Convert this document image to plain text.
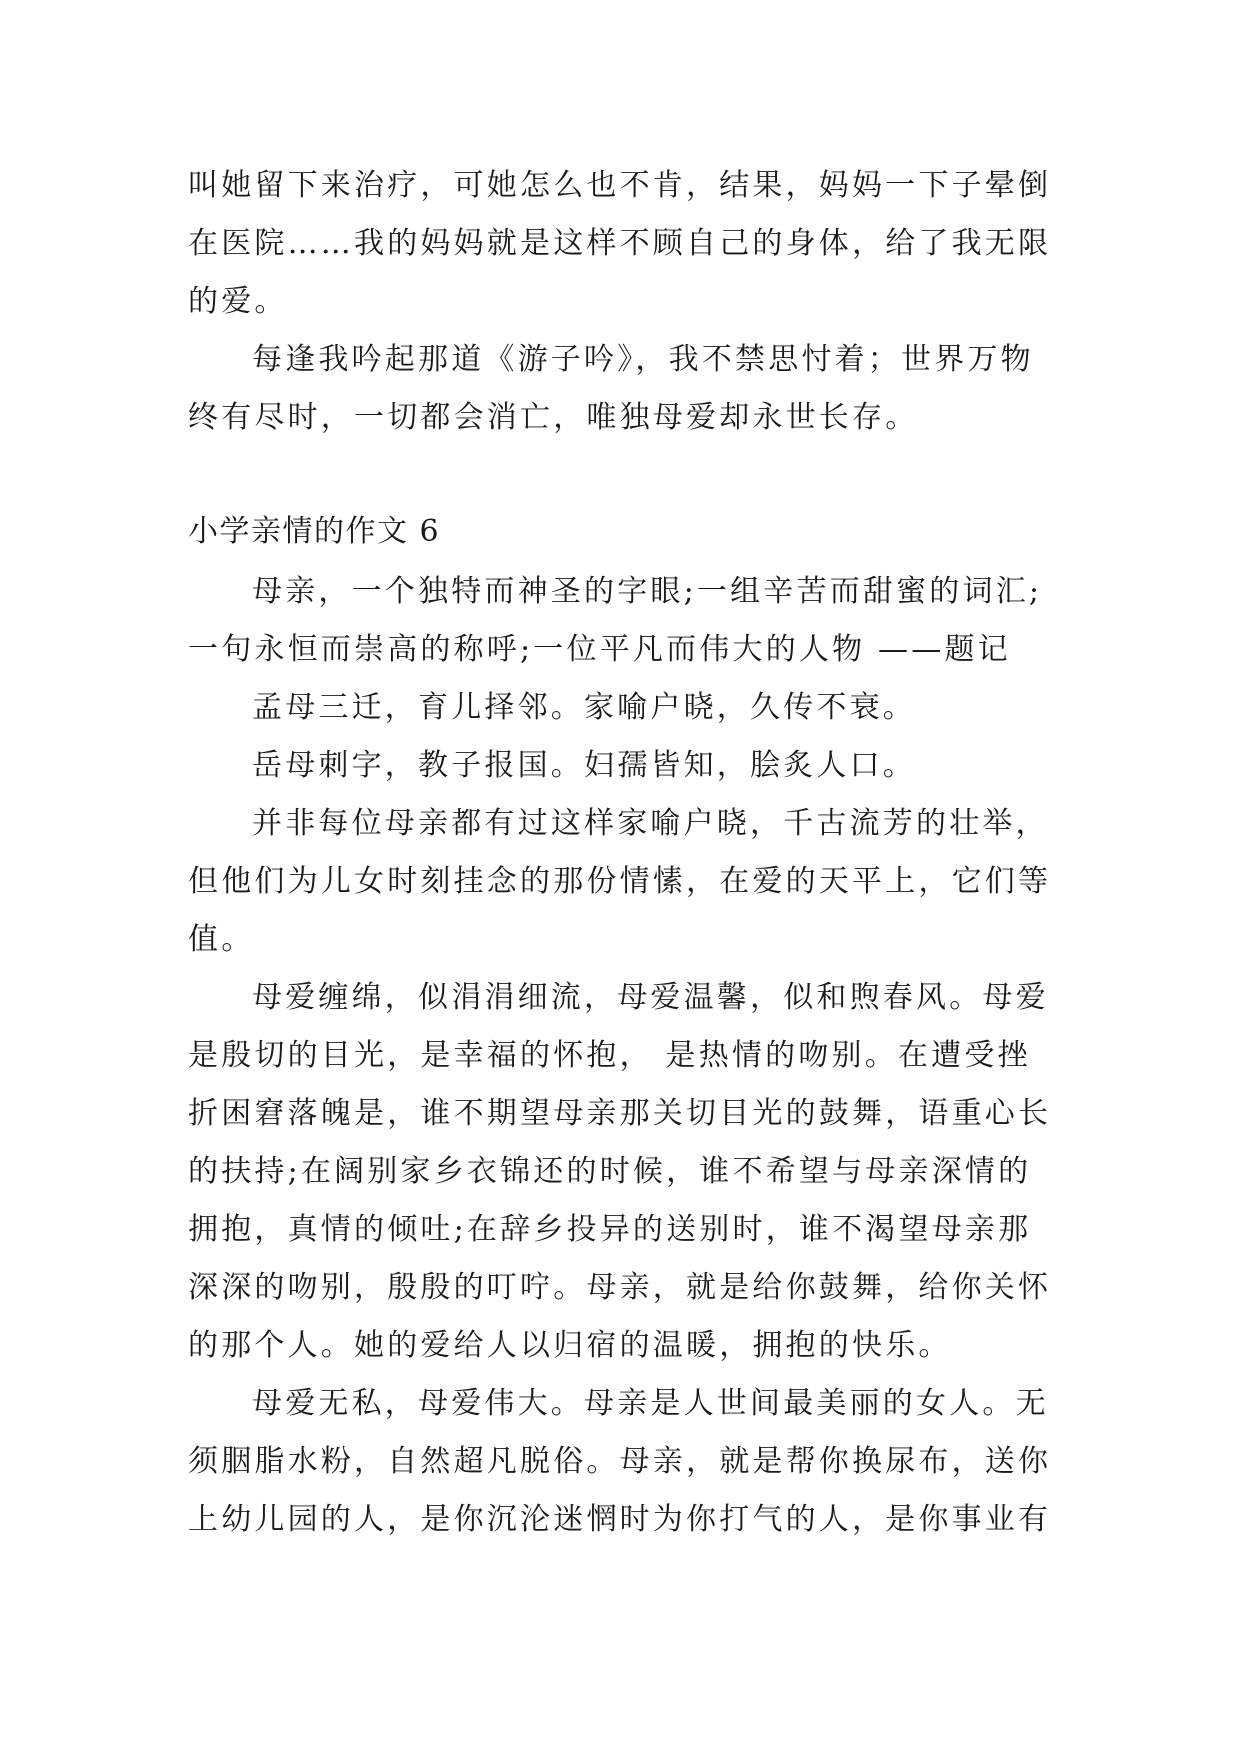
叫她留下来治疗，可她怎么也不肯，结果，妈妈一下子晕倒
在医院……我的妈妈就是这样不顾自己的身体，给了我无限
的爱。
每逢我吟起那道《游子吟》，我不禁思忖着；世界万物
终有尽时，一切都会消亡，唯独母爱却永世长存。
小学亲情的作文 6
母亲，一个独特而神圣的字眼;一组辛苦而甜蜜的词汇;
一句永恒而崇高的称呼;一位平凡而伟大的人物 ——题记
孟母三迁，育儿择邻。家喻户晓，久传不衰。
岳母刺字，教子报国。妇孺皆知，脍炙人口。
并非每位母亲都有过这样家喻户晓，千古流芳的壮举，
但他们为儿女时刻挂念的那份情愫，在爱的天平上，它们等
值。
母爱缠绵，似涓涓细流，母爱温馨，似和煦春风。母爱
是殷切的目光，是幸福的怀抱， 是热情的吻别。在遭受挫
折困窘落魄是，谁不期望母亲那关切目光的鼓舞，语重心长
的扶持;在阔别家乡衣锦还的时候，谁不希望与母亲深情的
拥抱，真情的倾吐;在辞乡投异的送别时，谁不渴望母亲那
深深的吻别，殷殷的叮咛。母亲，就是给你鼓舞，给你关怀
的那个人。她的爱给人以归宿的温暖，拥抱的快乐。
母爱无私，母爱伟大。母亲是人世间最美丽的女人。无
须胭脂水粉，自然超凡脱俗。母亲，就是帮你换尿布，送你
上幼儿园的人，是你沉沦迷惘时为你打气的人，是你事业有
